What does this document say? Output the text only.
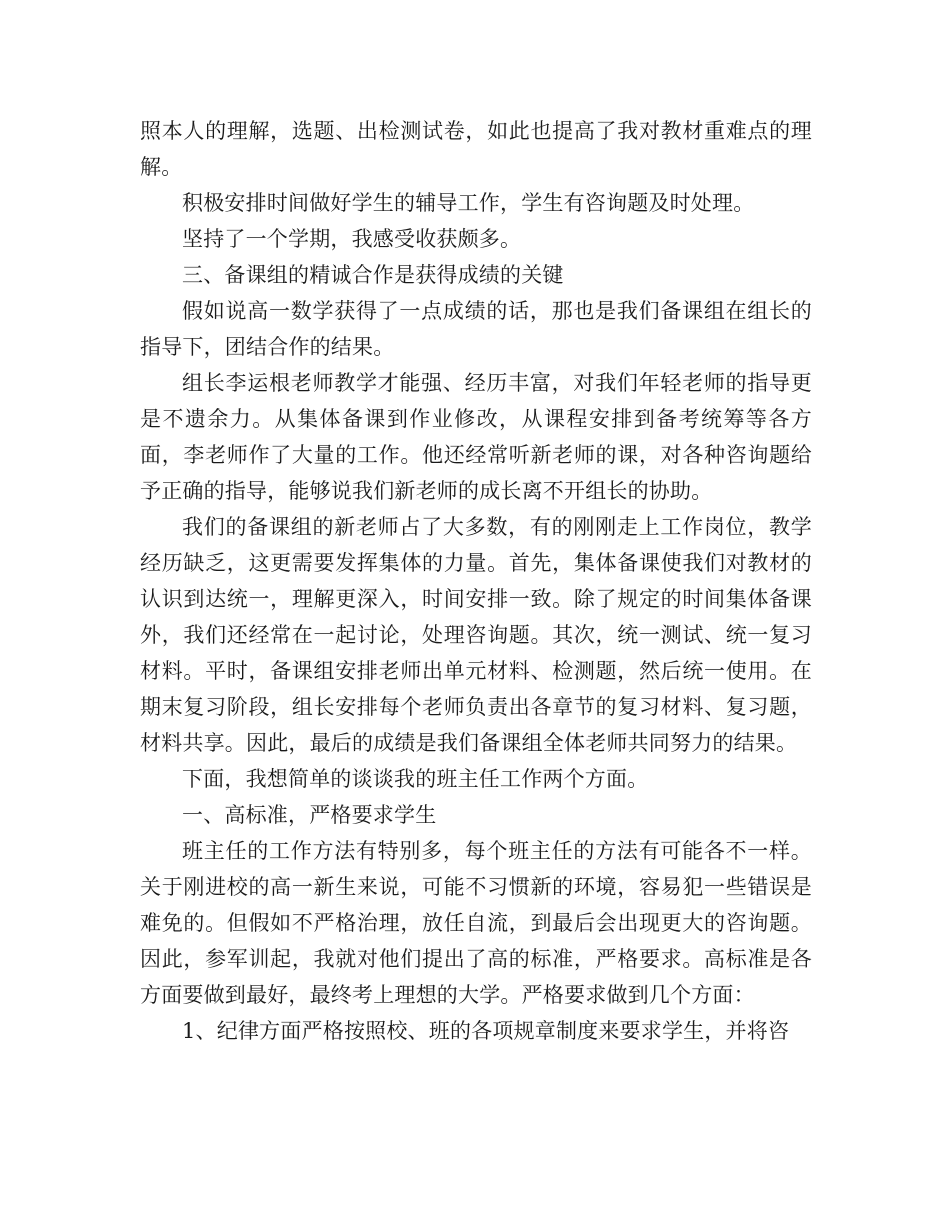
照本人的理解，选题、出检测试卷，如此也提高了我对教材重难点的理解。

积极安排时间做好学生的辅导工作，学生有咨询题及时处理。

坚持了一个学期，我感受收获颇多。

三、备课组的精诚合作是获得成绩的关键

假如说高一数学获得了一点成绩的话，那也是我们备课组在组长的指导下，团结合作的结果。

组长李运根老师教学才能强、经历丰富，对我们年轻老师的指导更是不遗余力。从集体备课到作业修改，从课程安排到备考统筹等各方面，李老师作了大量的工作。他还经常听新老师的课，对各种咨询题给予正确的指导，能够说我们新老师的成长离不开组长的协助。

我们的备课组的新老师占了大多数，有的刚刚走上工作岗位，教学经历缺乏，这更需要发挥集体的力量。首先，集体备课使我们对教材的认识到达统一，理解更深入，时间安排一致。除了规定的时间集体备课外，我们还经常在一起讨论，处理咨询题。其次，统一测试、统一复习材料。平时，备课组安排老师出单元材料、检测题，然后统一使用。在期末复习阶段，组长安排每个老师负责出各章节的复习材料、复习题，材料共享。因此，最后的成绩是我们备课组全体老师共同努力的结果。

下面，我想简单的谈谈我的班主任工作两个方面。

一、高标准，严格要求学生

班主任的工作方法有特别多，每个班主任的方法有可能各不一样。关于刚进校的高一新生来说，可能不习惯新的环境，容易犯一些错误是难免的。但假如不严格治理，放任自流，到最后会出现更大的咨询题。因此，参军训起，我就对他们提出了高的标准，严格要求。高标准是各方面要做到最好，最终考上理想的大学。严格要求做到几个方面：

1、纪律方面严格按照校、班的各项规章制度来要求学生，并将咨
